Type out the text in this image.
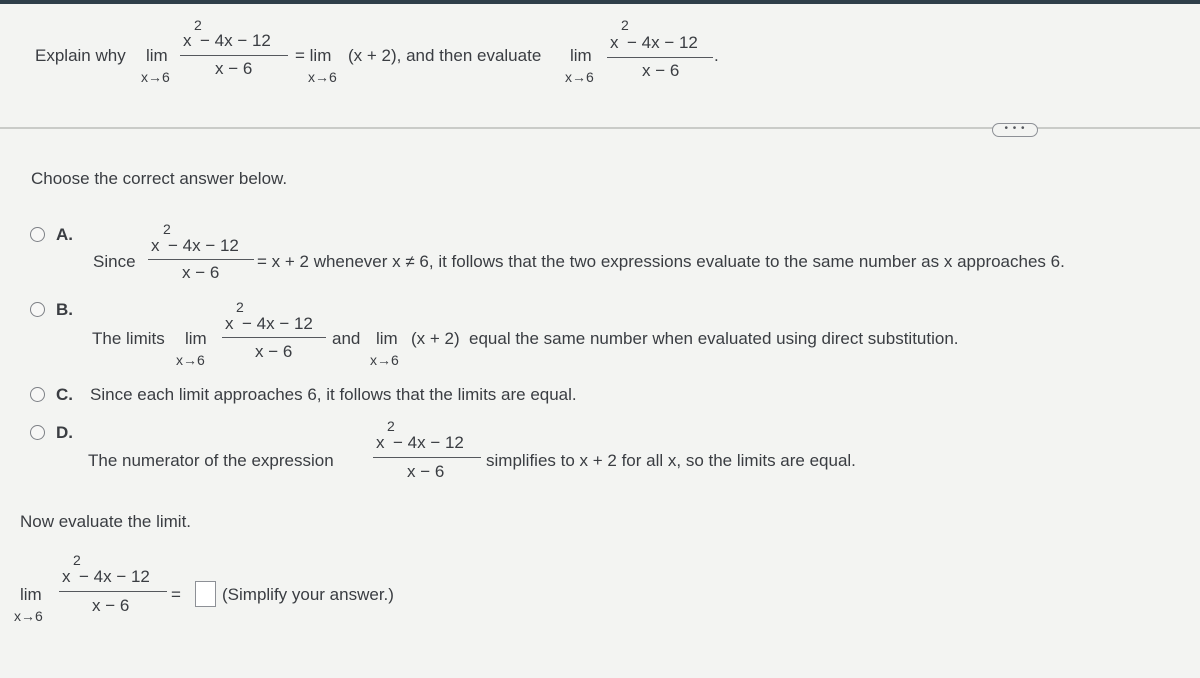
Explain why lim
x→6
2
x − 4x − 12
x − 6
= lim
x→6
(x + 2), and then evaluate lim
x→6
2
x − 4x − 12
x − 6
.
• • •
Choose the correct answer below.
A.
Since
2
x − 4x − 12
x − 6
= x + 2 whenever x ≠ 6, it follows that the two expressions evaluate to the same number as x approaches 6.
B.
The limits lim
x→6
2
x − 4x − 12
x − 6
and lim
x→6
(x + 2) equal the same number when evaluated using direct substitution.
C. Since each limit approaches 6, it follows that the limits are equal.
D.
The numerator of the expression
2
x − 4x − 12
x − 6
simplifies to x + 2 for all x, so the limits are equal.
Now evaluate the limit.
lim
x→6
2
x − 4x − 12
x − 6
= (Simplify your answer.)
